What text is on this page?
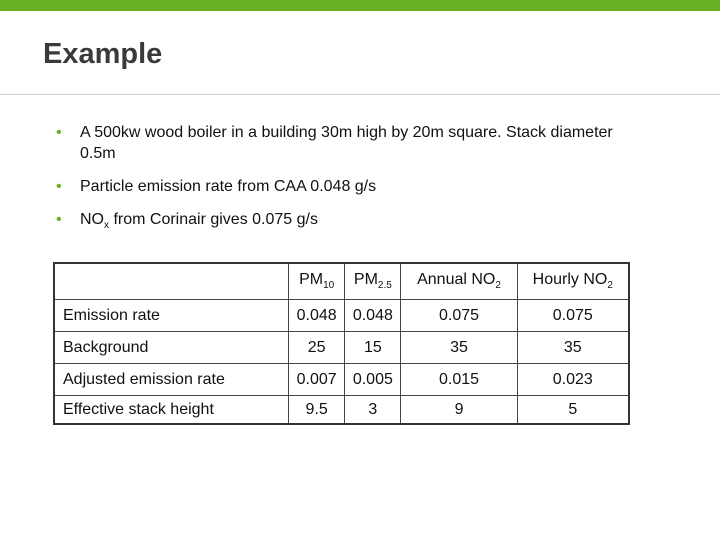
Example
• A 500kw wood boiler in a building 30m high by 20m square. Stack diameter 0.5m
• Particle emission rate from CAA 0.048 g/s
• $NO_x$ from Corinair gives 0.075 g/s
	$PM_{10}$	$PM_{2.5}$	Annual $NO_2$	Hourly $NO_2$
Emission rate	0.048	0.048	0.075	0.075
Background	25	15	35	35
Adjusted emission rate	0.007	0.005	0.015	0.023
Effective stack height	9.5	3	9	5
